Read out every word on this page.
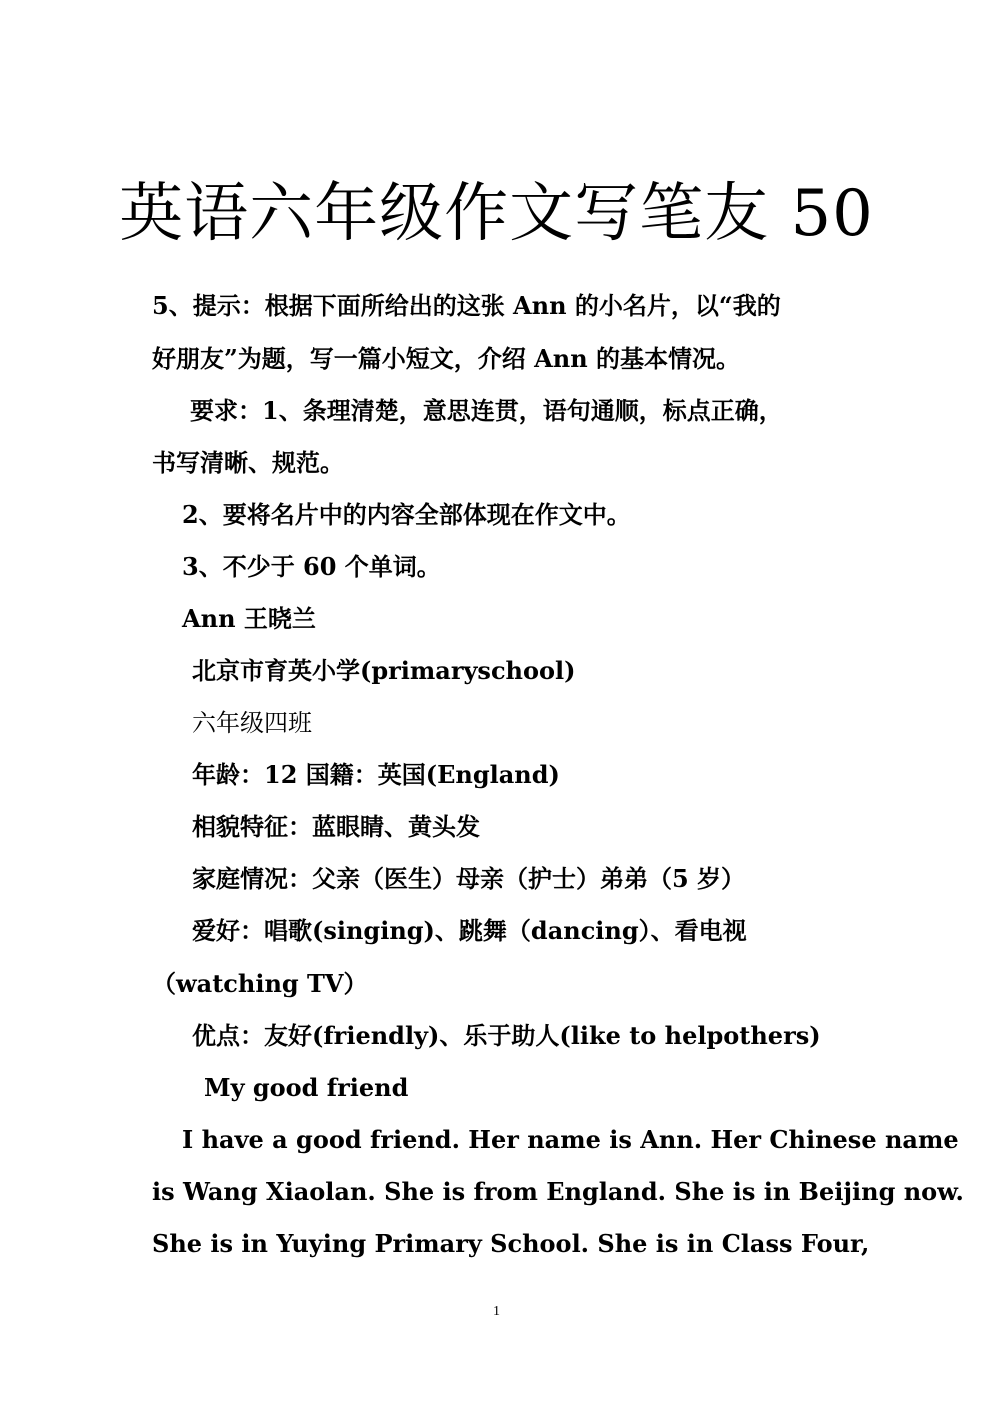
英语六年级作文写笔友 50
5、提示：根据下面所给出的这张 Ann 的小名片，以“我的
好朋友”为题，写一篇小短文，介绍 Ann 的基本情况。
要求：1、条理清楚，意思连贯，语句通顺，标点正确，
书写清晰、规范。
2、要将名片中的内容全部体现在作文中。
3、不少于 60 个单词。
Ann 王晓兰
北京市育英小学(primaryschool)
六年级四班
年龄：12 国籍：英国(England)
相貌特征：蓝眼睛、黄头发
家庭情况：父亲（医生）母亲（护士）弟弟（5 岁）
爱好：唱歌(singing)、跳舞（dancing）、看电视
（watching TV）
优点：友好(friendly)、乐于助人(like to helpothers)
My good friend
I have a good friend. Her name is Ann. Her Chinese name
is Wang Xiaolan. She is from England. She is in Beijing now.
She is in Yuying Primary School. She is in Class Four,
1
